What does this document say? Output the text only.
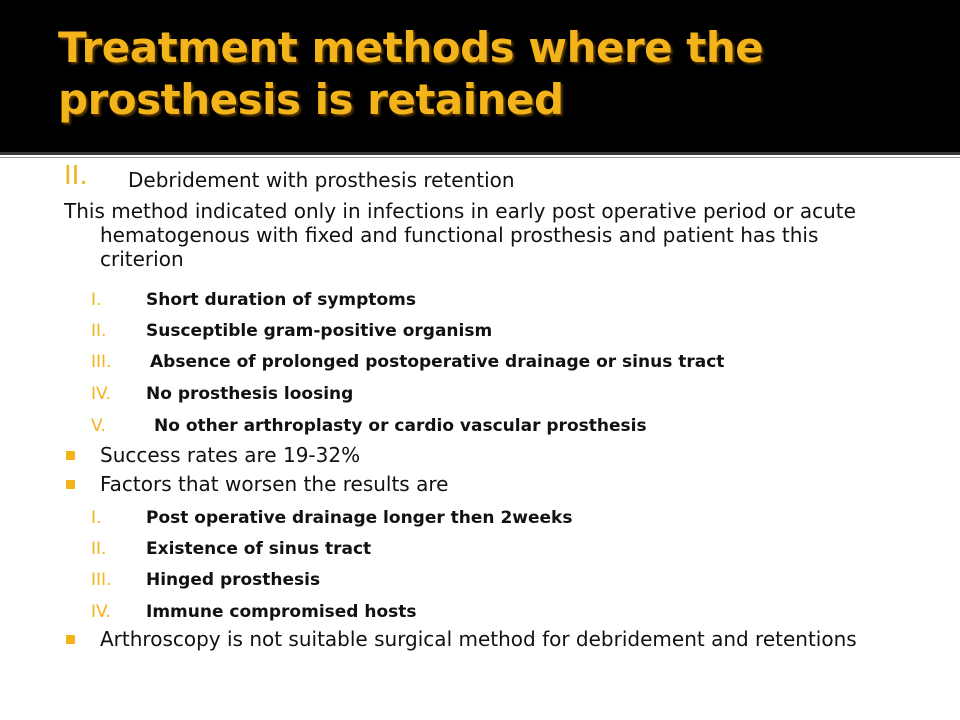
Treatment methods where the prosthesis is retained
II. Debridement with prosthesis retention
This method indicated only in infections in early post operative period or acute hematogenous with fixed and functional prosthesis and patient has this criterion
I.	Short duration of symptoms
II. Susceptible gram-positive organism
III. Absence of prolonged postoperative drainage or sinus tract
IV. No prosthesis loosing
V.	No other arthroplasty or cardio vascular prosthesis
Success rates are 19-32%
Factors that worsen the results are
I.	Post operative drainage longer then 2weeks
II. Existence of sinus tract
III. Hinged prosthesis
IV. Immune compromised hosts
Arthroscopy is not suitable surgical method for debridement and retentions
